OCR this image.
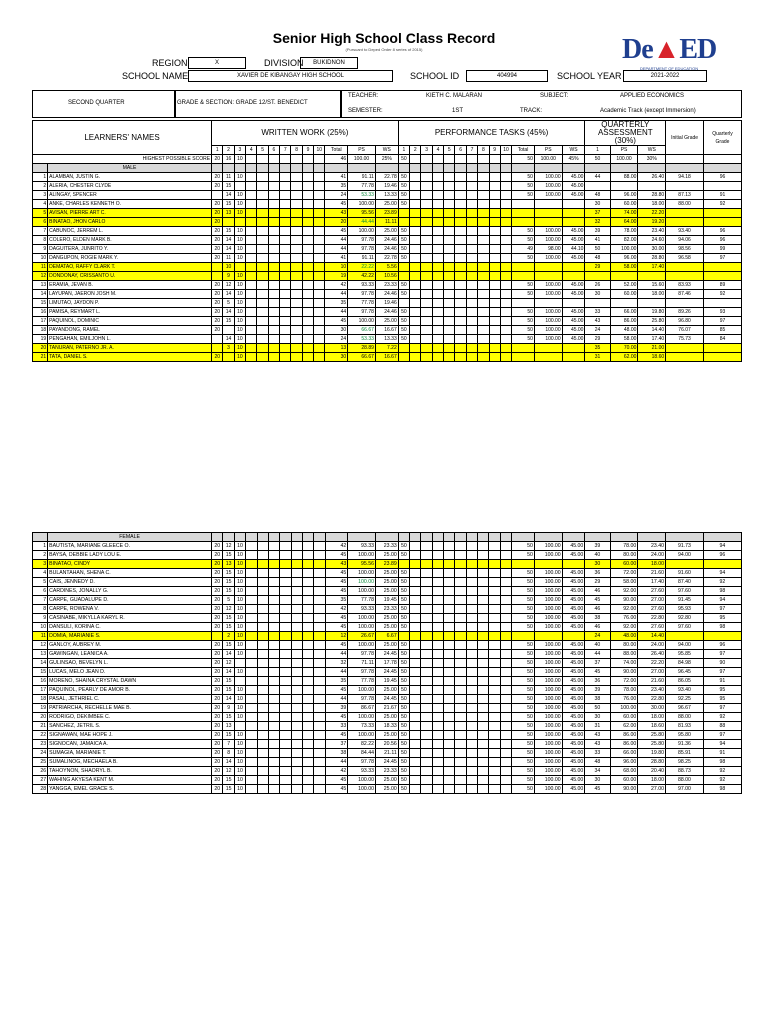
Senior High School Class Record
(Pursuant to Deped Order 8 series of 2015)	De▲ED
DEPARTMENT OF EDUCATION
REGION	X	DIVISION	BUKIDNON
SCHOOL NAME	XAVIER DE KIBANGAY HIGH SCHOOL	SCHOOL ID	404994	SCHOOL YEAR	2021-2022
SECOND QUARTER	GRADE & SECTION: GRADE 12/ST. BENEDICT
TEACHER:	KIETH C. MALARAN	SUBJECT:	APPLIED ECONOMICS
SEMESTER:	1ST	TRACK:	Academic Track (except Immersion)
LEARNERS' NAMES		WRITTEN WORK (25%)													PERFORMANCE TASKS (45%)													QUARTERLY
ASSESSMENT
(30%)			Initial Grade	Quarterly Grade
		1	2	3	4	5	6	7	8	9	10	Total	PS	WS	1	2	3	4	5	6	7	8	9	10	Total	PS	WS	1	PS	WS		
HIGHEST POSSIBLE SCORE		20	16	10								46	100.00	25%	50										50	100.00	45%	50	100.00	30%		
	MALE																															
1	ALAMBAN, JUSTIN G.	20	11	10								41	91.11	22.78	50										50	100.00	45.00	44	88.00	26.40	94.18	96
2	ALERIA, CHESTER CLYDE	20	15									35	77.78	19.46	50										50	100.00	45.00					
3	ALINGAY, SPENCER		14	10								24	53.33	13.33	50										50	100.00	45.00	48	96.00	28.80	87.13	91
4	ANKE, CHARLES KENNETH O.	20	15	10								45	100.00	25.00	50													30	60.00	18.00	88.00	92
5	AVISAN, PIERRE ART C.	20	13	10								43	95.56	23.89														37	74.00	22.20		
6	BINATAO, JHON CARLO	20										20	44.44	11.11														32	64.00	19.20		
7	CABUNOC, JERREM L.	20	15	10								45	100.00	25.00	50										50	100.00	45.00	39	78.00	23.40	93.40	96
8	COLERO, ELDEN MARK B.	20	14	10								44	97.78	24.46	50										50	100.00	45.00	41	82.00	24.60	94.06	96
9	DAGUITERA, JUNRITO Y.	20	14	10								44	97.78	24.46	50										49	98.00	44.10	50	100.00	30.00	98.56	99
10	DANGUPON, ROGIE MARK Y.	20	11	10								41	91.11	22.78	50										50	100.00	45.00	48	96.00	28.80	96.58	97
11	DEMATAO, RAFFY CLARK T.		10									10	22.22	5.56														29	58.00	17.40		
12	DONDONAY, CRISSANTO U.		9	10								19	42.22	10.56																		
13	ERAMIA, JEVAN B.	20	12	10								42	93.33	23.33	50										50	100.00	45.00	26	52.00	15.60	83.93	89
14	LAYUPAN, JAERON JOSH M.	20	14	10								44	97.78	24.46	50										50	100.00	45.00	30	60.00	18.00	87.46	92
15	LIMUTAO, JAYDON P.	20	5	10								35	77.78	19.46																		
16	PAMISA, REYMART L.	20	14	10								44	97.78	24.46	50										50	100.00	45.00	33	66.00	19.80	89.26	93
17	PAQUINOL, DOMINIC	20	15	10								45	100.00	25.00	50										50	100.00	45.00	43	86.00	25.80	96.80	97
18	PAYANDONG, RAMEL	20		10								30	66.67	16.67	50										50	100.00	45.00	24	48.00	14.40	76.07	85
19	PENGAHAN, EMILJOHN L.		14	10								24	53.33	13.33	50										50	100.00	45.00	29	58.00	17.40	75.73	84
20	TANURAN, PATERNO JR. A.		3	10								13	28.89	7.22														35	70.00	21.00		
21	TATA, DANIEL S.	20		10								30	66.67	16.67														31	62.00	18.60		
	FEMALE																															
1	BAUTISTA, MARIANE GLEECE O.	20	12	10								42	93.33	23.33	50										50	100.00	45.00	39	78.00	23.40	91.73	94
2	BAYSA, DEBBIE LADY LOU E.	20	15	10								45	100.00	25.00	50										50	100.00	45.00	40	80.00	24.00	94.00	96
3	BINATAO, CINDY	20	13	10								43	95.56	23.89														30	60.00	18.00		
4	BULANTAHAN, SHENA C.	20	15	10								45	100.00	25.00	50										50	100.00	45.00	36	72.00	21.60	91.60	94
5	CAIS, JENNEDY D.	20	15	10								45	100.00	25.00	50										50	100.00	45.00	29	58.00	17.40	87.40	92
6	CARDINES, JONALLY G.	20	15	10								45	100.00	25.00	50										50	100.00	45.00	46	92.00	27.60	97.60	98
7	CARPE, GUADALUPE D.	20	5	10								35	77.78	19.45	50										50	100.00	45.00	45	90.00	27.00	91.45	94
8	CARPE, ROWENA V.	20	12	10								42	93.33	23.33	50										50	100.00	45.00	46	92.00	27.60	95.93	97
9	CASINABE, MIKYLLA KARYL R.	20	15	10								45	100.00	25.00	50										50	100.00	45.00	38	76.00	22.80	92.80	95
10	DANSULI, KORINA C.	20	15	10								45	100.00	25.00	50										50	100.00	45.00	46	92.00	27.60	97.60	98
11	DOMIA, MARIANIE S.		2	10								12	26.67	6.67														24	48.00	14.40		
12	GANLOY, AUBREY M.	20	15	10								45	100.00	25.00	50										50	100.00	45.00	40	80.00	24.00	94.00	96
13	GAWINGAN, LEANICA A.	20	14	10								44	97.78	24.45	50										50	100.00	45.00	44	88.00	26.40	95.85	97
14	GULINSAO, BEVELYN L.	20	12									32	71.11	17.78	50										50	100.00	45.00	37	74.00	22.20	84.98	90
15	LUCAS, MELO JEAN D.	20	14	10								44	97.78	24.45	50										50	100.00	45.00	45	90.00	27.00	96.45	97
16	MORENO, SHAINA CRYSTAL DAWN	20	15									35	77.78	19.45	50										50	100.00	45.00	36	72.00	21.60	86.05	91
17	PAQUINOL, PEARLY DE AMOR B.	20	15	10								45	100.00	25.00	50										50	100.00	45.00	39	78.00	23.40	93.40	95
18	PASAL, JETHRIEL C.	20	14	10								44	97.78	24.45	50										50	100.00	45.00	38	76.00	22.80	92.25	95
19	PATRIARCHA, RECHELLE MAE B.	20	9	10								39	86.67	21.67	50										50	100.00	45.00	50	100.00	30.00	96.67	97
20	RODRIGO, DEKIMBEE C.	20	15	10								45	100.00	25.00	50										50	100.00	45.00	30	60.00	18.00	88.00	92
21	SANCHEZ, JETRIL S.	20	13									33	73.33	18.33	50										50	100.00	45.00	31	62.00	18.60	81.93	88
22	SIGNAWAN, MAE HOPE J.	20	15	10								45	100.00	25.00	50										50	100.00	45.00	43	86.00	25.80	95.80	97
23	SIGNOCAN, JAMAICA A.	20	7	10								37	82.22	20.56	50										50	100.00	45.00	43	86.00	25.80	91.36	94
24	SUMAGIA, MARIANIE T.	20	8	10								38	84.44	21.11	50										50	100.00	45.00	33	66.00	19.80	85.91	91
25	SUMALINOG, MECHAELA B.	20	14	10								44	97.78	24.45	50										50	100.00	45.00	48	96.00	28.80	98.25	98
26	TAHOYNON, SHAORYL B.	20	12	10								42	93.33	23.33	50										50	100.00	45.00	34	68.00	20.40	88.73	92
27	WAHING AKYESA KENT M.	20	15	10								45	100.00	25.00	50										50	100.00	45.00	30	60.00	18.00	88.00	92
28	YANGGA, EMEL GRACE S.	20	15	10								45	100.00	25.00	50										50	100.00	45.00	45	90.00	27.00	97.00	98
